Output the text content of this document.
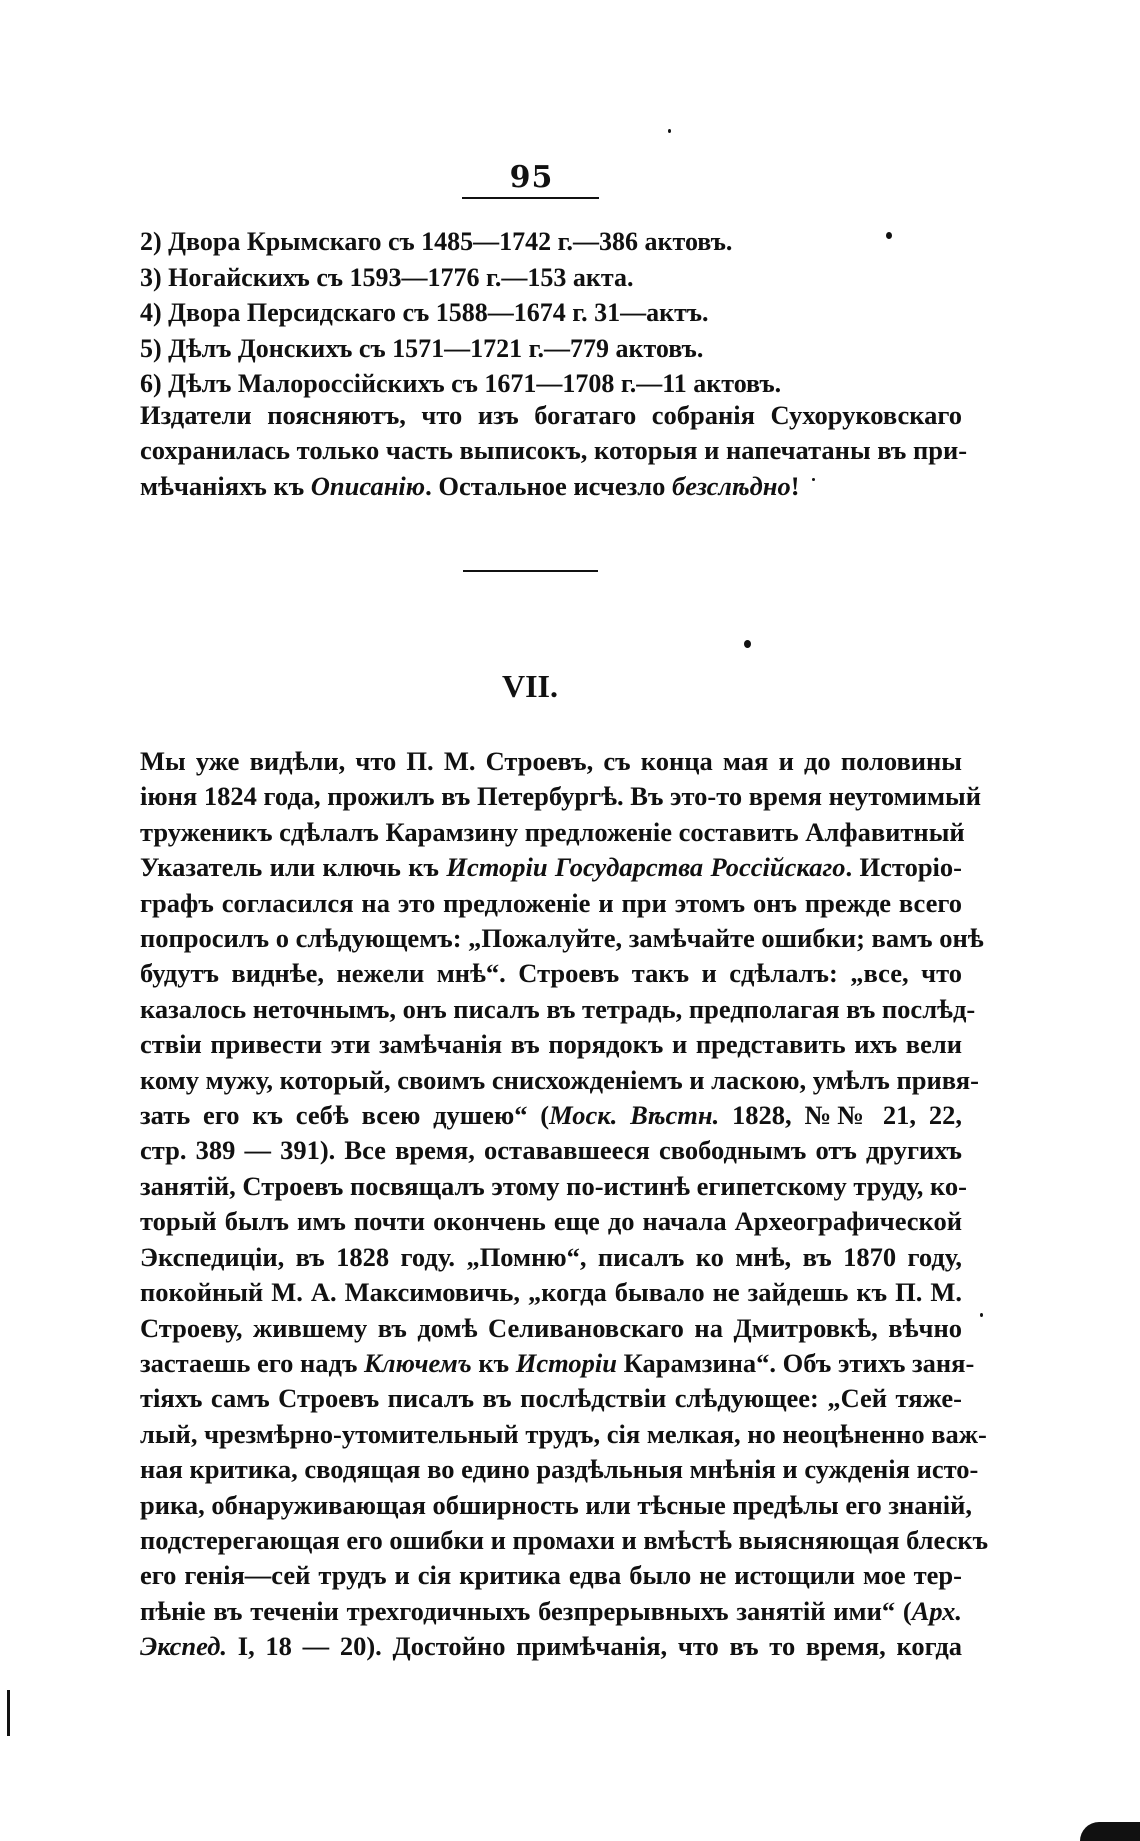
95
2) Двора Крымскаго съ 1485—1742 г.—386 актовъ.
3) Ногайскихъ съ 1593—1776 г.—153 акта.
4) Двора Персидскаго съ 1588—1674 г. 31—актъ.
5) Дѣлъ Донскихъ съ 1571—1721 г.—779 актовъ.
6) Дѣлъ Малороссійскихъ съ 1671—1708 г.—11 актовъ.
Издатели поясняютъ, что изъ богатаго собранія Сухоруковскаго
сохранилась только часть выписокъ, которыя и напечатаны въ при-
мѣчаніяхъ къ Описанію. Остальное исчезло безслѣдно!
VII.
Мы уже видѣли, что П. М. Строевъ, съ конца мая и до половины
іюня 1824 года, прожилъ въ Петербургѣ. Въ это-то время неутомимый
труженикъ сдѣлалъ Карамзину предложеніе составить Алфавитный
Указатель или ключь къ Исторіи Государства Россійскаго. Исторіо-
графъ согласился на это предложеніе и при этомъ онъ прежде всего
попросилъ о слѣдующемъ: „Пожалуйте, замѣчайте ошибки; вамъ онѣ
будутъ виднѣе, нежели мнѣ“. Строевъ такъ и сдѣлалъ: „все, что
казалось неточнымъ, онъ писалъ въ тетрадь, предполагая въ послѣд-
ствіи привести эти замѣчанія въ порядокъ и представить ихъ вели
кому мужу, который, своимъ снисхожденіемъ и ласкою, умѣлъ привя-
зать его къ себѣ всею душею“ (Моск. Вѣстн. 1828, №№ 21, 22,
стр. 389 — 391). Все время, остававшееся свободнымъ отъ другихъ
занятій, Строевъ посвящалъ этому по-истинѣ египетскому труду, ко-
торый былъ имъ почти окончень еще до начала Археографической
Экспедиціи, въ 1828 году. „Помню“, писалъ ко мнѣ, въ 1870 году,
покойный М. А. Максимовичь, „когда бывало не зайдешь къ П. М.
Строеву, жившему въ домѣ Селивановскаго на Дмитровкѣ, вѣчно
застаешь его надъ Ключемъ къ Исторіи Карамзина“. Объ этихъ заня-
тіяхъ самъ Строевъ писалъ въ послѣдствіи слѣдующее: „Сей тяже-
лый, чрезмѣрно-утомительный трудъ, сія мелкая, но неоцѣненно важ-
ная критика, сводящая во едино раздѣльныя мнѣнія и сужденія исто-
рика, обнаруживающая обширность или тѣсные предѣлы его знаній,
подстерегающая его ошибки и промахи и вмѣстѣ выясняющая блескъ
его генія—сей трудъ и сія критика едва было не истощили мое тер-
пѣніе въ теченіи трехгодичныхъ безпрерывныхъ занятій ими“ (Арх.
Экспед. I, 18 — 20). Достойно примѣчанія, что въ то время, когда
